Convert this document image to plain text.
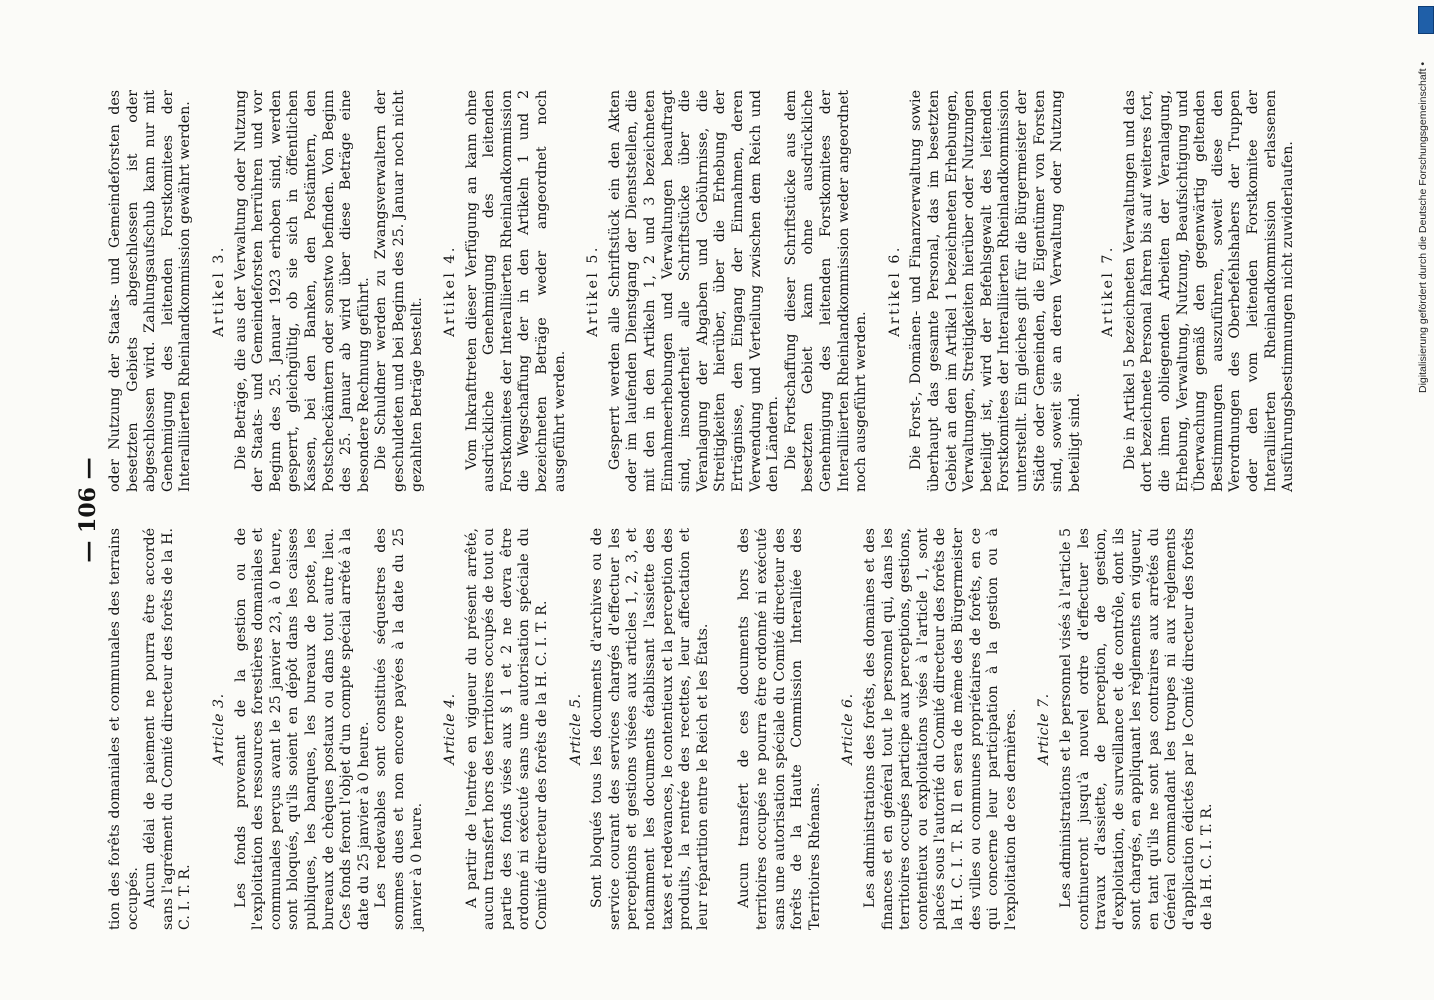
— 106 —

tion des forêts domaniales et communales des terrains occupés. Aucun délai de paiement ne pourra être accordé sans l'agrément du Comité directeur des forêts de la H. C. I. T. R.

Article 3. Les fonds provenant de la gestion ou de l'exploitation des ressources forestières domaniales et communales perçus avant le 25 janvier 23, à 0 heure, sont bloqués, qu'ils soient en dépôt dans les caisses publiques, les banques, les bureaux de poste, les bureaux de chèques postaux ou dans tout autre lieu. Ces fonds feront l'objet d'un compte spécial arrêté à la date du 25 janvier à 0 heure. Les redevables sont constitués séquestres des sommes dues et non encore payées à la date du 25 janvier à 0 heure.

Article 4. A partir de l'entrée en vigueur du présent arrêté, aucun transfert hors des territoires occupés de tout ou partie des fonds visés aux § 1 et 2 ne devra être ordonné ni exécuté sans une autorisation spéciale du Comité directeur des forêts de la H. C. I. T. R. Article 5. Sont bloqués tous les documents d'archives ou de service courant des services chargés d'effectuer les perceptions et gestions visées aux articles 1, 2, 3, et notamment les documents établissant l'assiette des taxes et redevances, le contentieux et la perception des produits, la rentrée des recettes, leur affectation et leur répartition entre le Reich et les États. Aucun transfert de ces documents hors des territoires occupés ne pourra être ordonné ni exécuté sans une autorisation spéciale du Comité directeur des forêts de la Haute Commission Interalliée des Territoires Rhénans.

Article 6. Les administrations des forêts, des domaines et des finances et en général tout le personnel qui, dans les territoires occupés participe aux perceptions, gestions, contentieux ou exploitations visés à l'article 1, sont placés sous l'autorité du Comité directeur des forêts de la H. C. I. T. R. Il en sera de même des Bürgermeister des villes ou communes propriétaires de forêts, en ce qui concerne leur participation à la gestion ou à l'exploitation de ces dernières. Article 7. Les administrations et le personnel visés à l'article 5 continueront jusqu'à nouvel ordre d'effectuer les travaux d'assiette, de perception, de gestion, d'exploitation, de surveillance et de contrôle, dont ils sont chargés, en appliquant les règlements en vigueur, en tant qu'ils ne sont pas contraires aux arrêtés du Général commandant les troupes ni aux règlements d'application édictés par le Comité directeur des forêts de la H. C. I. T. R.

oder Nutzung der Staats- und Gemeindeforsten des besetzten Gebiets abgeschlossen ist oder abgeschlossen wird. Zahlungsaufschub kann nur mit Genehmigung des leitenden Forstkomitees der Interalliierten Rheinlandkommission gewährt werden. Artikel 3. Die Beträge, die aus der Verwaltung oder Nutzung der Staats- und Gemeindeforsten herrühren und vor Beginn des 25. Januar 1923 erhoben sind, werden gesperrt, gleichgültig, ob sie sich in öffentlichen Kassen, bei den Banken, den Postämtern, den Postscheckämtern oder sonstwo befinden. Von Beginn des 25. Januar ab wird über diese Beträge eine besondere Rechnung geführt. Die Schuldner werden zu Zwangsverwaltern der geschuldeten und bei Beginn des 25. Januar noch nicht gezahlten Beträge bestellt.

Artikel 4. Vom Inkrafttreten dieser Verfügung an kann ohne ausdrückliche Genehmigung des leitenden Forstkomitees der Interalliierten Rheinlandkommission die Wegschaffung der in den Artikeln 1 und 2 bezeichneten Beträge weder angeordnet noch ausgeführt werden.

Artikel 5. Gesperrt werden alle Schriftstück ein den Akten oder im laufenden Dienstgang der Dienststellen, die mit den in den Artikeln 1, 2 und 3 bezeichneten Einnahmeerhebungen und Verwaltungen beauftragt sind, insonderheit alle Schriftstücke über die Veranlagung der Abgaben und Gebührnisse, die Streitigkeiten hierüber, über die Erhebung der Erträgnisse, den Eingang der Einnahmen, deren Verwendung und Verteilung zwischen dem Reich und den Ländern. Die Fortschaffung dieser Schriftstücke aus dem besetzten Gebiet kann ohne ausdrückliche Genehmigung des leitenden Forstkomitees der Interalliierten Rheinlandkommission weder angeordnet noch ausgeführt werden.

Artikel 6. Die Forst-, Domänen- und Finanzverwaltung sowie überhaupt das gesamte Personal, das im besetzten Gebiet an den im Artikel 1 bezeichneten Erhebungen, Verwaltungen, Streitigkeiten hierüber oder Nutzungen beteiligt ist, wird der Befehlsgewalt des leitenden Forstkomitees der Interalliierten Rheinlandkommission unterstellt. Ein gleiches gilt für die Bürgermeister der Städte oder Gemeinden, die Eigentümer von Forsten sind, soweit sie an deren Verwaltung oder Nutzung beteiligt sind.

Artikel 7. Die in Artikel 5 bezeichneten Verwaltungen und das dort bezeichnete Personal fahren bis auf weiteres fort, die ihnen obliegenden Arbeiten der Veranlagung, Erhebung, Verwaltung, Nutzung, Beaufsichtigung und Überwachung gemäß den gegenwärtig geltenden Bestimmungen auszuführen, soweit diese den Verordnungen des Oberbefehlshabers der Truppen oder den vom leitenden Forstkomitee der Interalliierten Rheinlandkommission erlassenen Ausführungsbestimmungen nicht zuwiderlaufen.	Digitalisierung gefördert durch die Deutsche Forschungsgemeinschaft •
